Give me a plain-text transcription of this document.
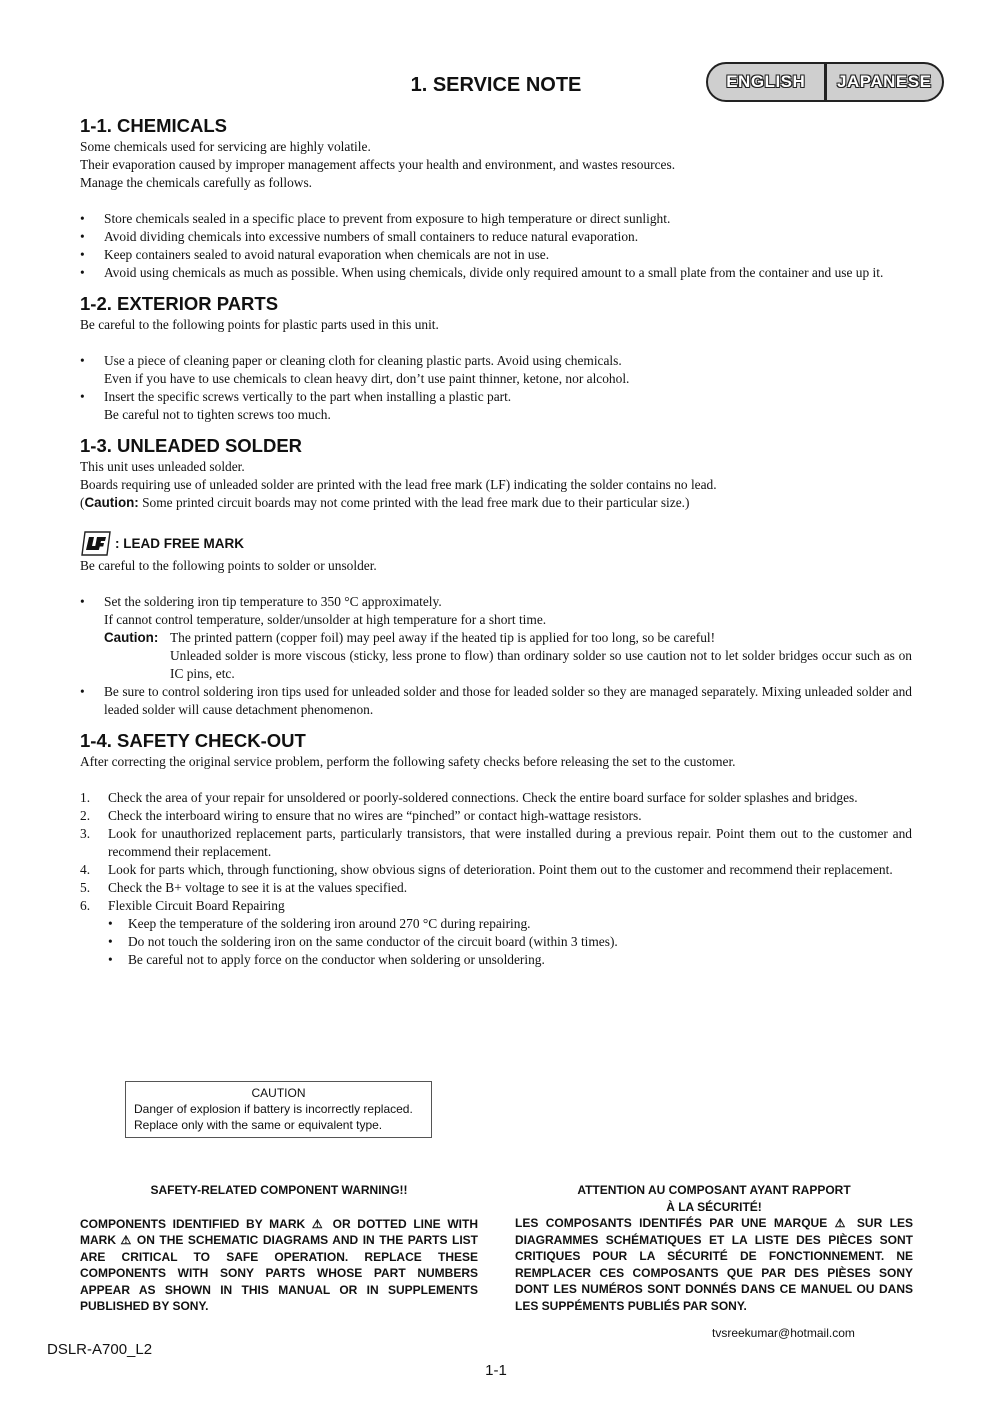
1. SERVICE NOTE	ENGLISH	JAPANESE
1-1. CHEMICALS

Some chemicals used for servicing are highly volatile.

Their evaporation caused by improper management affects your health and environment, and wastes resources.

Manage the chemicals carefully as follows.

• Store chemicals sealed in a specific place to prevent from exposure to high temperature or direct sunlight.
• Avoid dividing chemicals into excessive numbers of small containers to reduce natural evaporation.
• Keep containers sealed to avoid natural evaporation when chemicals are not in use.
• Avoid using chemicals as much as possible. When using chemicals, divide only required amount to a small plate from the container and use up it.
1-2. EXTERIOR PARTS

Be careful to the following points for plastic parts used in this unit.

• Use a piece of cleaning paper or cleaning cloth for cleaning plastic parts. Avoid using chemicals.
Even if you have to use chemicals to clean heavy dirt, don’t use paint thinner, ketone, nor alcohol.
• Insert the specific screws vertically to the part when installing a plastic part.
Be careful not to tighten screws too much.
1-3. UNLEADED SOLDER

This unit uses unleaded solder.

Boards requiring use of unleaded solder are printed with the lead free mark (LF) indicating the solder contains no lead.

(Caution: Some printed circuit boards may not come printed with the lead free mark due to their particular size.)

: LEAD FREE MARK

Be careful to the following points to solder or unsolder.

• Set the soldering iron tip temperature to 350 °C approximately.
If cannot control temperature, solder/unsolder at high temperature for a short time.
Caution: The printed pattern (copper foil) may peel away if the heated tip is applied for too long, so be careful!
Unleaded solder is more viscous (sticky, less prone to flow) than ordinary solder so use caution not to let solder bridges occur such as on IC pins, etc.
• Be sure to control soldering iron tips used for unleaded solder and those for leaded solder so they are managed separately. Mixing unleaded solder and leaded solder will cause detachment phenomenon.
1-4. SAFETY CHECK-OUT

After correcting the original service problem, perform the following safety checks before releasing the set to the customer.

1. Check the area of your repair for unsoldered or poorly-soldered connections. Check the entire board surface for solder splashes and bridges.
2. Check the interboard wiring to ensure that no wires are “pinched” or contact high-wattage resistors.
3. Look for unauthorized replacement parts, particularly transistors, that were installed during a previous repair. Point them out to the customer and recommend their replacement.
4. Look for parts which, through functioning, show obvious signs of deterioration. Point them out to the customer and recommend their replacement.
5. Check the B+ voltage to see it is at the values specified.
6. Flexible Circuit Board Repairing
• Keep the temperature of the soldering iron around 270 °C during repairing.
• Do not touch the soldering iron on the same conductor of the circuit board (within 3 times).
• Be careful not to apply force on the conductor when soldering or unsoldering.
CAUTION
Danger of explosion if battery is incorrectly replaced.
Replace only with the same or equivalent type.
SAFETY-RELATED COMPONENT WARNING!!
COMPONENTS IDENTIFIED BY MARK ⚠ OR DOTTED LINE WITH MARK ⚠ ON THE SCHEMATIC DIAGRAMS AND IN THE PARTS LIST ARE CRITICAL TO SAFE OPERATION. REPLACE THESE COMPONENTS WITH SONY PARTS WHOSE PART NUMBERS APPEAR AS SHOWN IN THIS MANUAL OR IN SUPPLEMENTS PUBLISHED BY SONY.
ATTENTION AU COMPOSANT AYANT RAPPORT
À LA SÉCURITÉ!
LES COMPOSANTS IDENTIFÉS PAR UNE MARQUE ⚠ SUR LES DIAGRAMMES SCHÉMATIQUES ET LA LISTE DES PIÈCES SONT CRITIQUES POUR LA SÉCURITÉ DE FONCTIONNEMENT. NE REMPLACER CES COMPOSANTS QUE PAR DES PIÈSES SONY DONT LES NUMÉROS SONT DONNÉS DANS CE MANUEL OU DANS LES SUPPÉMENTS PUBLIÉS PAR SONY.
tvsreekumar@hotmail.com
DSLR-A700_L2
1-1
